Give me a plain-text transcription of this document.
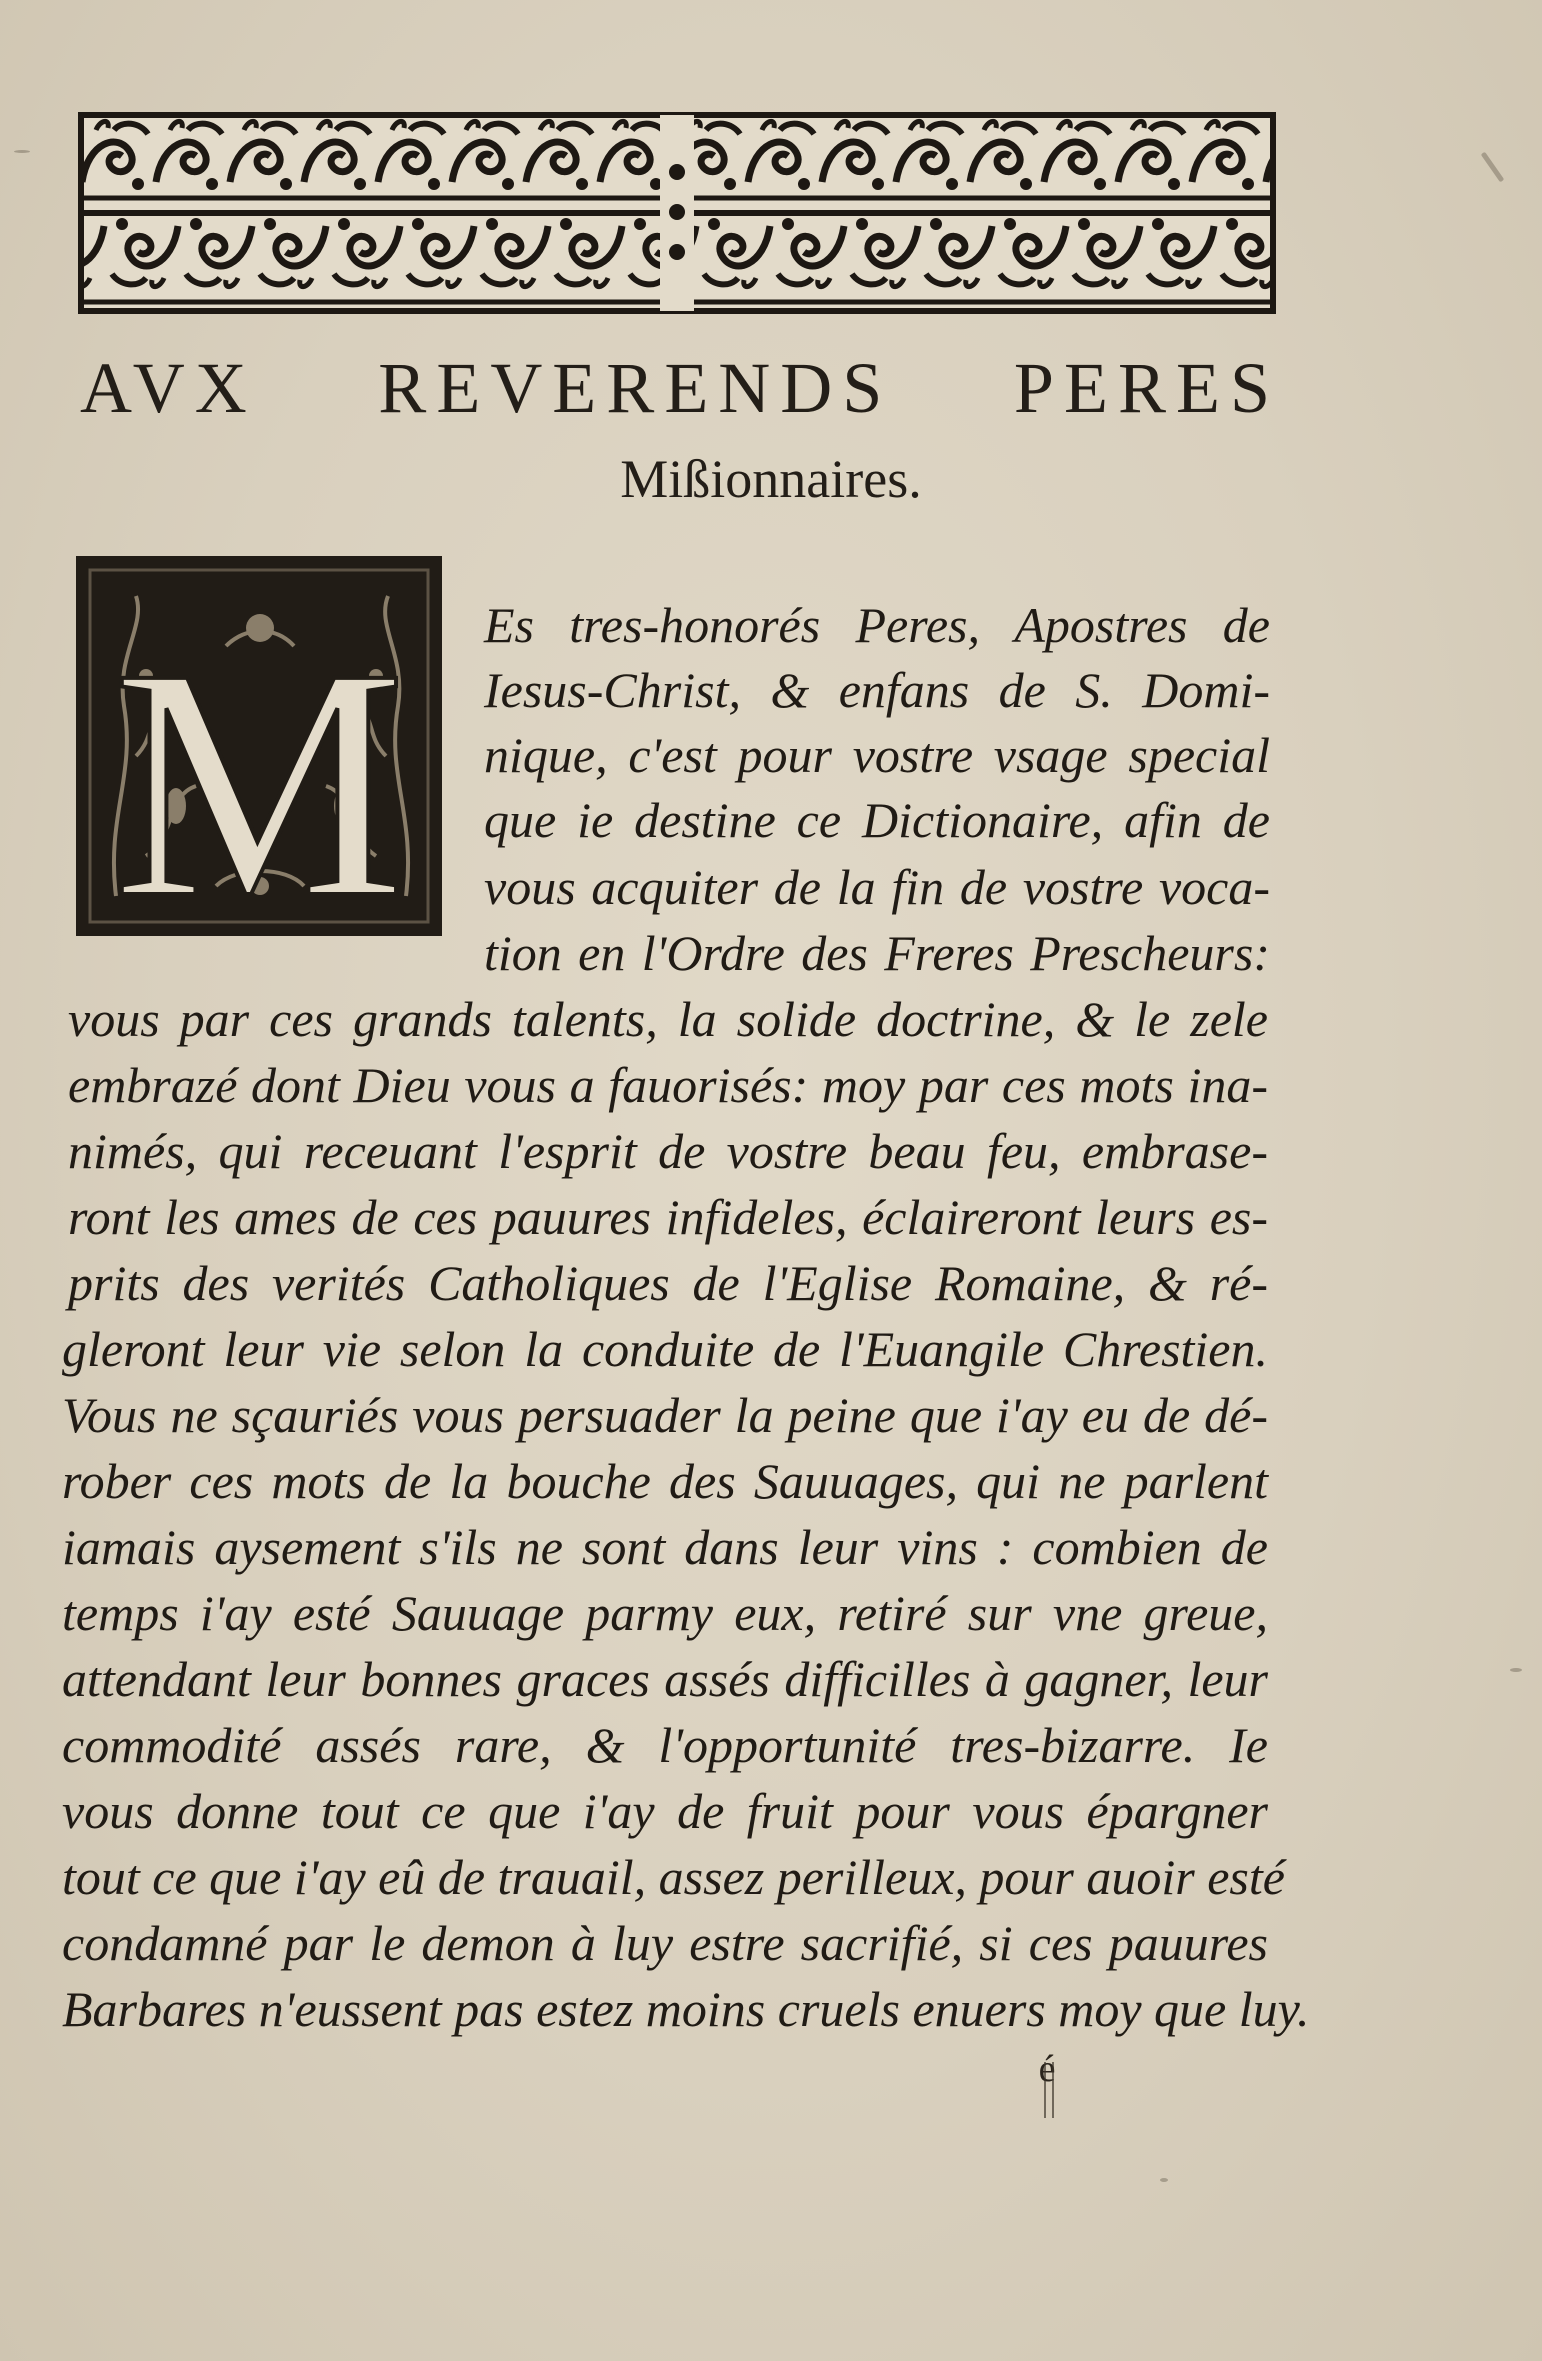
AVX REVERENDS PERES
Mißionnaires.
M Es tres-honorés Peres, Apostres de
Iesus-Christ, & enfans de S. Domi-
nique, c'est pour vostre vsage special
que ie destine ce Dictionaire, afin de
vous acquiter de la fin de vostre voca-
tion en l'Ordre des Freres Prescheurs:
vous par ces grands talents, la solide doctrine, & le zele
embrazé dont Dieu vous a fauorisés: moy par ces mots ina-
nimés, qui receuant l'esprit de vostre beau feu, embrase-
ront les ames de ces pauures infideles, éclaireront leurs es-
prits des verités Catholiques de l'Eglise Romaine, & ré-
gleront leur vie selon la conduite de l'Euangile Chrestien.
Vous ne sçauriés vous persuader la peine que i'ay eu de dé-
rober ces mots de la bouche des Sauuages, qui ne parlent
iamais aysement s'ils ne sont dans leur vins : combien de
temps i'ay esté Sauuage parmy eux, retiré sur vne greue,
attendant leur bonnes graces assés difficilles à gagner, leur
commodité assés rare, & l'opportunité tres-bizarre. Ie
vous donne tout ce que i'ay de fruit pour vous épargner
tout ce que i'ay eû de trauail, assez perilleux, pour auoir esté
condamné par le demon à luy estre sacrifié, si ces pauures
Barbares n'eussent pas estez moins cruels enuers moy que luy.
é
